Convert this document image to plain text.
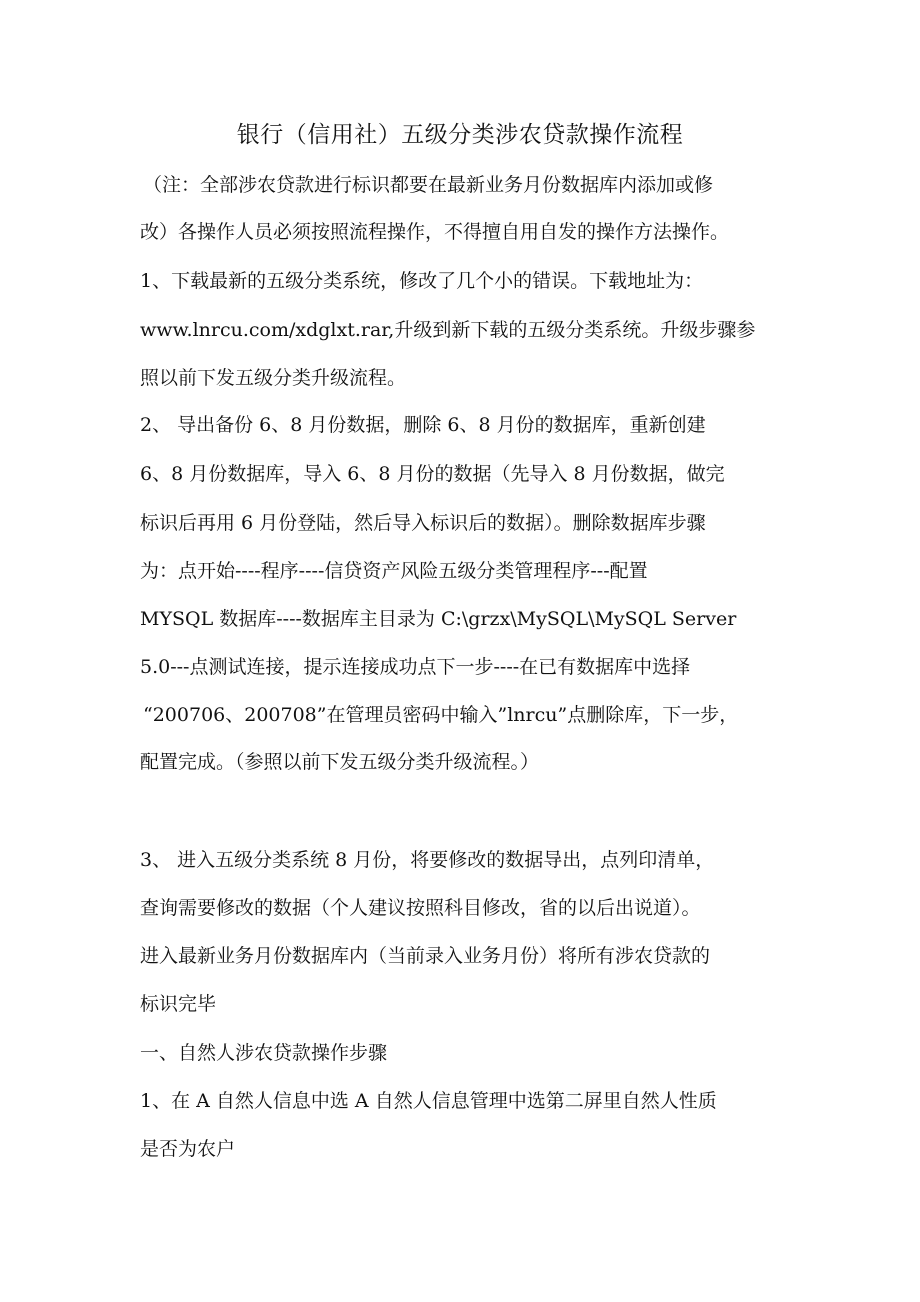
银行（信用社）五级分类涉农贷款操作流程
（注：全部涉农贷款进行标识都要在最新业务月份数据库内添加或修
改）各操作人员必须按照流程操作，不得擅自用自发的操作方法操作。
1、下载最新的五级分类系统，修改了几个小的错误。下载地址为：
www.lnrcu.com/xdglxt.rar,升级到新下载的五级分类系统。升级步骤参
照以前下发五级分类升级流程。
2、 导出备份 6、8 月份数据，删除 6、8 月份的数据库，重新创建
6、8 月份数据库，导入 6、8 月份的数据（先导入 8 月份数据，做完
标识后再用 6 月份登陆，然后导入标识后的数据）。删除数据库步骤
为：点开始----程序----信贷资产风险五级分类管理程序---配置
MYSQL 数据库----数据库主目录为 C:\grzx\MySQL\MySQL Server
5.0---点测试连接，提示连接成功点下一步----在已有数据库中选择
“200706、200708”在管理员密码中输入”lnrcu”点删除库，下一步，
配置完成。（参照以前下发五级分类升级流程。）
3、 进入五级分类系统 8 月份，将要修改的数据导出，点列印清单，
查询需要修改的数据（个人建议按照科目修改，省的以后出说道）。
进入最新业务月份数据库内（当前录入业务月份）将所有涉农贷款的
标识完毕
一、自然人涉农贷款操作步骤
1、在 A 自然人信息中选 A 自然人信息管理中选第二屏里自然人性质
是否为农户
